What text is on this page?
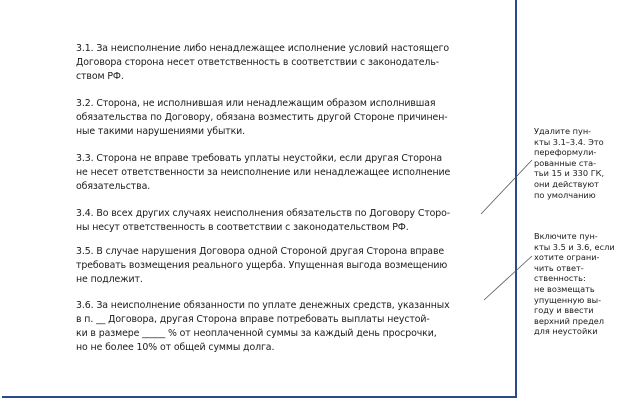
3.1. За неисполнение либо ненадлежащее исполнение условий настоящего
Договора сторона несет ответственность в соответствии с законодатель-
ством РФ.
3.2. Сторона, не исполнившая или ненадлежащим образом исполнившая
обязательства по Договору, обязана возместить другой Стороне причинен-
ные такими нарушениями убытки.
3.3. Сторона не вправе требовать уплаты неустойки, если другая Сторона
не несет ответственности за неисполнение или ненадлежащее исполнение
обязательства.
3.4. Во всех других случаях неисполнения обязательств по Договору Сторо-
ны несут ответственность в соответствии с законодательством РФ.
3.5. В случае нарушения Договора одной Стороной другая Сторона вправе
требовать возмещения реального ущерба. Упущенная выгода возмещению
не подлежит.
3.6. За неисполнение обязанности по уплате денежных средств, указанных
в п. __ Договора, другая Сторона вправе потребовать выплаты неустой-
ки в размере _____ % от неоплаченной суммы за каждый день просрочки,
но не более 10% от общей суммы долга.
Удалите пун-
кты 3.1–3.4. Это
переформули-
рованные ста-
тьи 15 и 330 ГК,
они действуют
по умолчанию
Включите пун-
кты 3.5 и 3.6, если
хотите ограни-
чить ответ-
ственность:
не возмещать
упущенную вы-
году и ввести
верхний предел
для неустойки
